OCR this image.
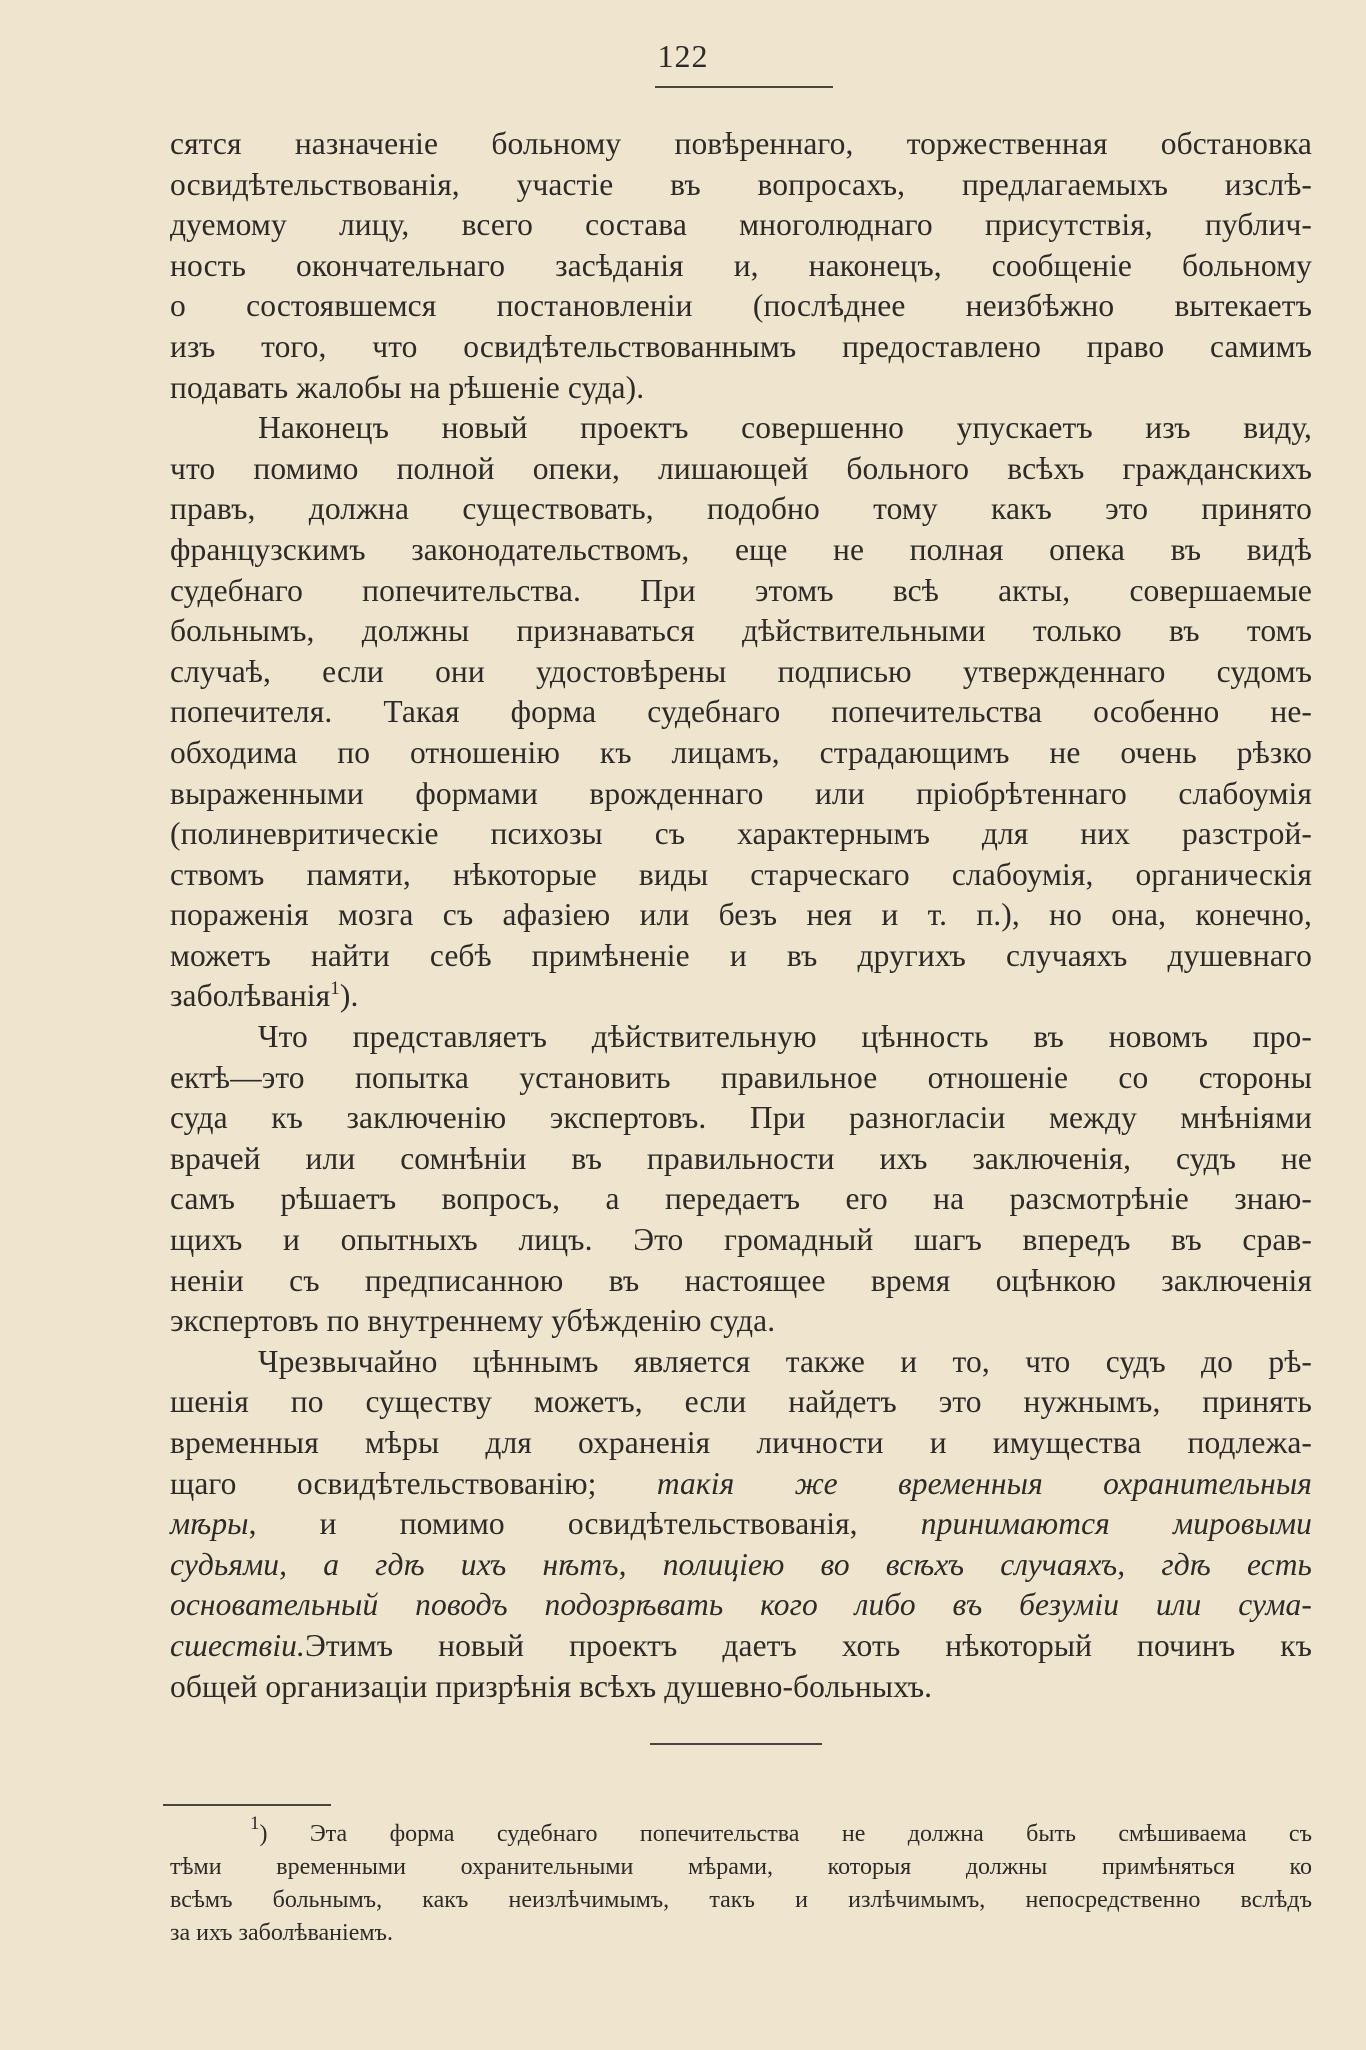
122
сятся назначеніе больному повѣреннаго, торжественная обстановка
освидѣтельствованія, участіе въ вопросахъ, предлагаемыхъ изслѣ-
дуемому лицу, всего состава многолюднаго присутствія, публич-
ность окончательнаго засѣданія и, наконецъ, сообщеніе больному
о состоявшемся постановленіи (послѣднее неизбѣжно вытекаетъ
изъ того, что освидѣтельствованнымъ предоставлено право самимъ
подавать жалобы на рѣшеніе суда).
Наконецъ новый проектъ совершенно упускаетъ изъ виду,
что помимо полной опеки, лишающей больного всѣхъ гражданскихъ
правъ, должна существовать, подобно тому какъ это принято
французскимъ законодательствомъ, еще не полная опека въ видѣ
судебнаго попечительства. При этомъ всѣ акты, совершаемые
больнымъ, должны признаваться дѣйствительными только въ томъ
случаѣ, если они удостовѣрены подписью утвержденнаго судомъ
попечителя. Такая форма судебнаго попечительства особенно не-
обходима по отношенію къ лицамъ, страдающимъ не очень рѣзко
выраженными формами врожденнаго или пріобрѣтеннаго слабоумія
(полиневритическіе психозы съ характернымъ для них разстрой-
ствомъ памяти, нѣкоторые виды старческаго слабоумія, органическія
пораженія мозга съ афазіею или безъ нея и т. п.), но она, конечно,
можетъ найти себѣ примѣненіе и въ другихъ случаяхъ душевнаго
заболѣванія$^1$).
Что представляетъ дѣйствительную цѣнность въ новомъ про-
ектѣ—это попытка установить правильное отношеніе со стороны
суда къ заключенію экспертовъ. При разногласіи между мнѣніями
врачей или сомнѣніи въ правильности ихъ заключенія, судъ не
самъ рѣшаетъ вопросъ, а передаетъ его на разсмотрѣніе знаю-
щихъ и опытныхъ лицъ. Это громадный шагъ впередъ въ срав-
неніи съ предписанною въ настоящее время оцѣнкою заключенія
экспертовъ по внутреннему убѣжденію суда.
Чрезвычайно цѣннымъ является также и то, что судъ до рѣ-
шенія по существу можетъ, если найдетъ это нужнымъ, принять
временныя мѣры для охраненія личности и имущества подлежа-
щаго освидѣтельствованію; такія же временныя охранительныя
мѣры, и помимо освидѣтельствованія, принимаются мировыми
судьями, а гдѣ ихъ нѣтъ, полиціею во всѣхъ случаяхъ, гдѣ есть
основательный поводъ подозрѣвать кого либо въ безуміи или сума-
сшествіи.Этимъ новый проектъ даетъ хоть нѣкоторый починъ къ
общей организаціи призрѣнія всѣхъ душевно-больныхъ.
$^1$) Эта форма судебнаго попечительства не должна быть смѣшиваема съ
тѣми временными охранительными мѣрами, которыя должны примѣняться ко
всѣмъ больнымъ, какъ неизлѣчимымъ, такъ и излѣчимымъ, непосредственно вслѣдъ
за ихъ заболѣваніемъ.
